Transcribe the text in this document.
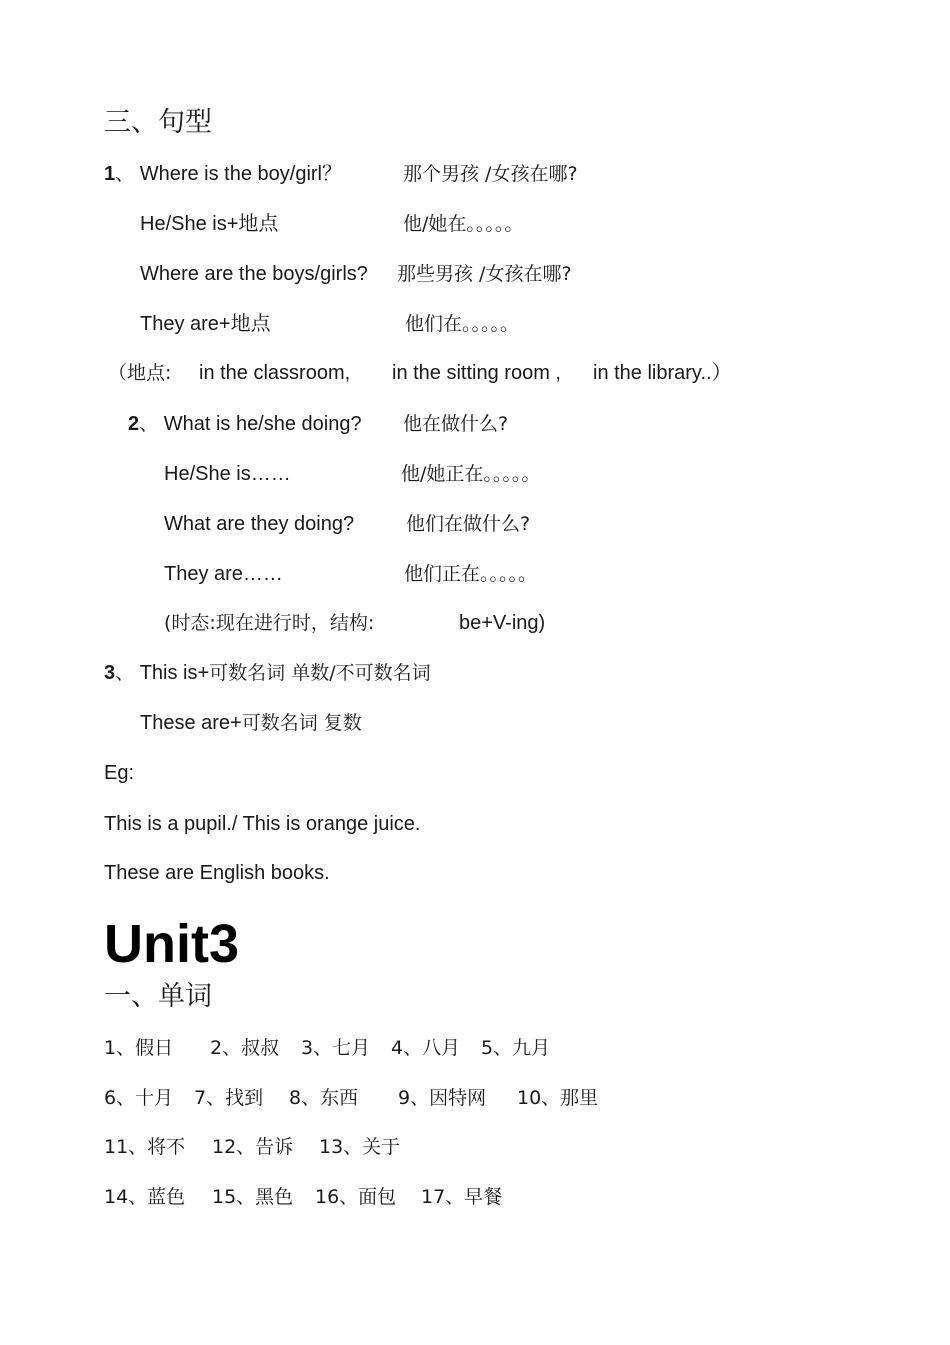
三、句型
1、 Where is the boy/girl？	那个男孩 /女孩在哪?
He/She is+地点	他/她在。。。。。
Where are the boys/girls? 那些男孩 /女孩在哪?
They are+地点	他们在。。。。。
（地点: in the classroom, in the sitting room , in the library..）
2、 What is he/she doing? 他在做什么?
He/She is……	他/她正在。。。。。
What are they doing?	他们在做什么?
They are……	他们正在。。。。。
(时态:现在进行时，结构:	be+V-ing)
3、 This is+可数名词 单数/不可数名词
These are+可数名词 复数
Eg:
This is a pupil./ This is orange juice.
These are English books.
Unit3
一、单词
1、假日 2、叔叔 3、七月 4、八月 5、九月
6、十月 7、找到 8、东西 9、因特网 10、那里
11、将不 12、告诉 13、关于
14、蓝色 15、黑色 16、面包 17、早餐
